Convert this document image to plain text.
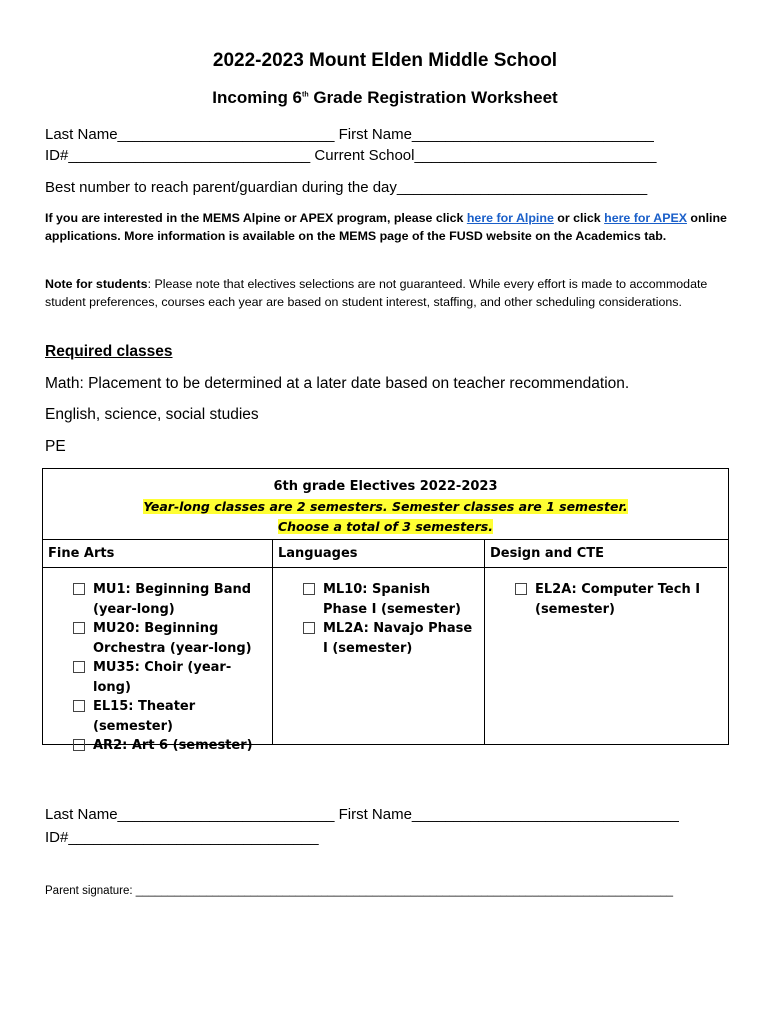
2022-2023 Mount Elden Middle School
Incoming 6th Grade Registration Worksheet
Last Name__________________________ First Name_____________________________
ID#_____________________________ Current School_____________________________
Best number to reach parent/guardian during the day______________________________
If you are interested in the MEMS Alpine or APEX program, please click here for Alpine or click here for APEX online applications. More information is available on the MEMS page of the FUSD website on the Academics tab.
Note for students: Please note that electives selections are not guaranteed. While every effort is made to accommodate student preferences, courses each year are based on student interest, staffing, and other scheduling considerations.
Required classes
Math: Placement to be determined at a later date based on teacher recommendation.
English, science, social studies
PE
6th grade Electives 2022-2023
Year-long classes are 2 semesters. Semester classes are 1 semester.
Choose a total of 3 semesters.
Fine Arts
MU1: Beginning Band (year-long)
MU20: Beginning Orchestra (year-long)
MU35: Choir (year-long)
EL15: Theater (semester)
AR2: Art 6 (semester)
Languages
ML10: Spanish Phase I (semester)
ML2A: Navajo Phase I (semester)
Design and CTE
EL2A: Computer Tech I (semester)
Last Name__________________________ First Name________________________________
ID#______________________________
Parent signature: ____________________________________________________________________________________
